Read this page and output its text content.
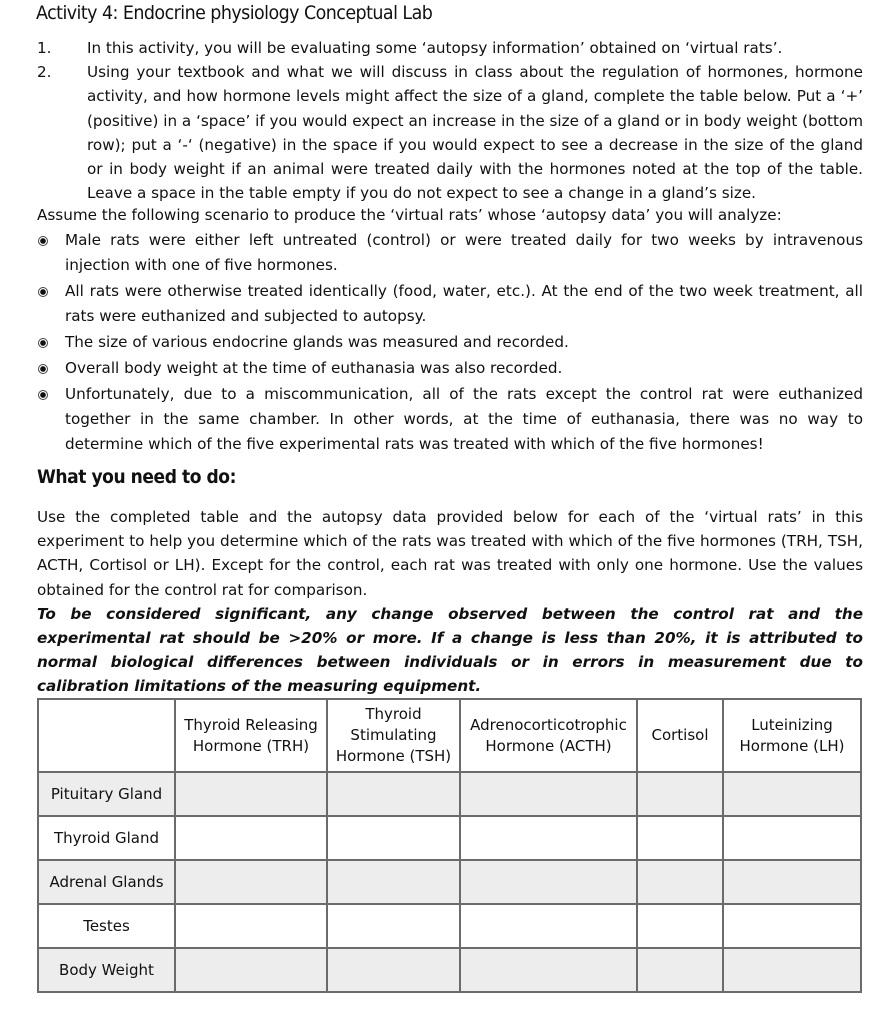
Activity 4: Endocrine physiology Conceptual Lab
1. In this activity, you will be evaluating some ‘autopsy information’ obtained on ‘virtual rats’.
2. Using your textbook and what we will discuss in class about the regulation of hormones, hormone activity, and how hormone levels might affect the size of a gland, complete the table below. Put a ‘+’ (positive) in a ‘space’ if you would expect an increase in the size of a gland or in body weight (bottom row); put a ‘-‘ (negative) in the space if you would expect to see a decrease in the size of the gland or in body weight if an animal were treated daily with the hormones noted at the top of the table. Leave a space in the table empty if you do not expect to see a change in a gland’s size.
Assume the following scenario to produce the ‘virtual rats’ whose ‘autopsy data’ you will analyze:
Male rats were either left untreated (control) or were treated daily for two weeks by intravenous injection with one of five hormones.
All rats were otherwise treated identically (food, water, etc.). At the end of the two week treatment, all rats were euthanized and subjected to autopsy.
The size of various endocrine glands was measured and recorded.
Overall body weight at the time of euthanasia was also recorded.
Unfortunately, due to a miscommunication, all of the rats except the control rat were euthanized together in the same chamber. In other words, at the time of euthanasia, there was no way to determine which of the five experimental rats was treated with which of the five hormones!
What you need to do:
Use the completed table and the autopsy data provided below for each of the ‘virtual rats’ in this experiment to help you determine which of the rats was treated with which of the five hormones (TRH, TSH, ACTH, Cortisol or LH). Except for the control, each rat was treated with only one hormone. Use the values obtained for the control rat for comparison.
To be considered significant, any change observed between the control rat and the experimental rat should be >20% or more. If a change is less than 20%, it is attributed to normal biological differences between individuals or in errors in measurement due to calibration limitations of the measuring equipment.
	Thyroid Releasing Hormone (TRH)	Thyroid Stimulating Hormone (TSH)	Adrenocorticotrophic Hormone (ACTH)	Cortisol	Luteinizing Hormone (LH)
Pituitary Gland					
Thyroid Gland					
Adrenal Glands					
Testes					
Body Weight					
